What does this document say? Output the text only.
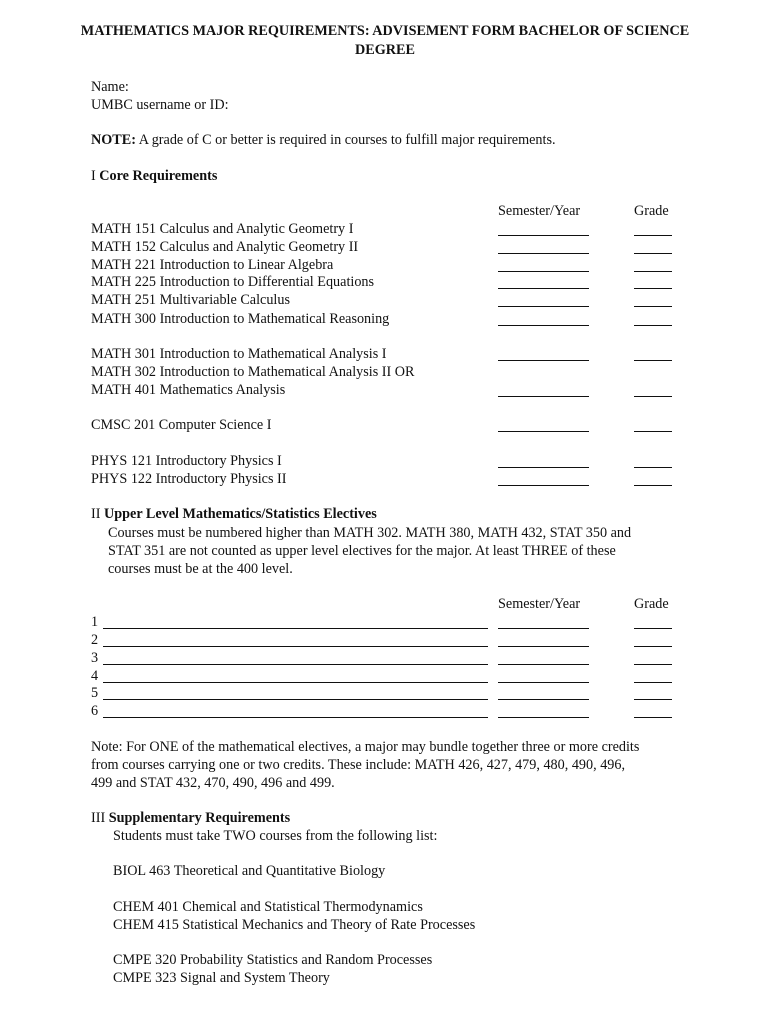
MATHEMATICS MAJOR REQUIREMENTS: ADVISEMENT FORM BACHELOR OF SCIENCE DEGREE
Name:
UMBC username or ID:
NOTE: A grade of C or better is required in courses to fulfill major requirements.
I Core Requirements
Semester/Year	Grade
MATH 151 Calculus and Analytic Geometry I
MATH 152 Calculus and Analytic Geometry II
MATH 221 Introduction to Linear Algebra
MATH 225 Introduction to Differential Equations
MATH 251 Multivariable Calculus
MATH 300 Introduction to Mathematical Reasoning
MATH 301 Introduction to Mathematical Analysis I
MATH 302 Introduction to Mathematical Analysis II OR
MATH 401 Mathematics Analysis
CMSC 201 Computer Science I
PHYS 121 Introductory Physics I
PHYS 122 Introductory Physics II
II Upper Level Mathematics/Statistics Electives
Courses must be numbered higher than MATH 302. MATH 380, MATH 432, STAT 350 and
STAT 351 are not counted as upper level electives for the major. At least THREE of these
courses must be at the 400 level.
Semester/Year	Grade
1
2
3
4
5
6
Note: For ONE of the mathematical electives, a major may bundle together three or more credits
from courses carrying one or two credits. These include: MATH 426, 427, 479, 480, 490, 496,
499 and STAT 432, 470, 490, 496 and 499.
III Supplementary Requirements
Students must take TWO courses from the following list:
BIOL 463 Theoretical and Quantitative Biology
CHEM 401 Chemical and Statistical Thermodynamics
CHEM 415 Statistical Mechanics and Theory of Rate Processes
CMPE 320 Probability Statistics and Random Processes
CMPE 323 Signal and System Theory
